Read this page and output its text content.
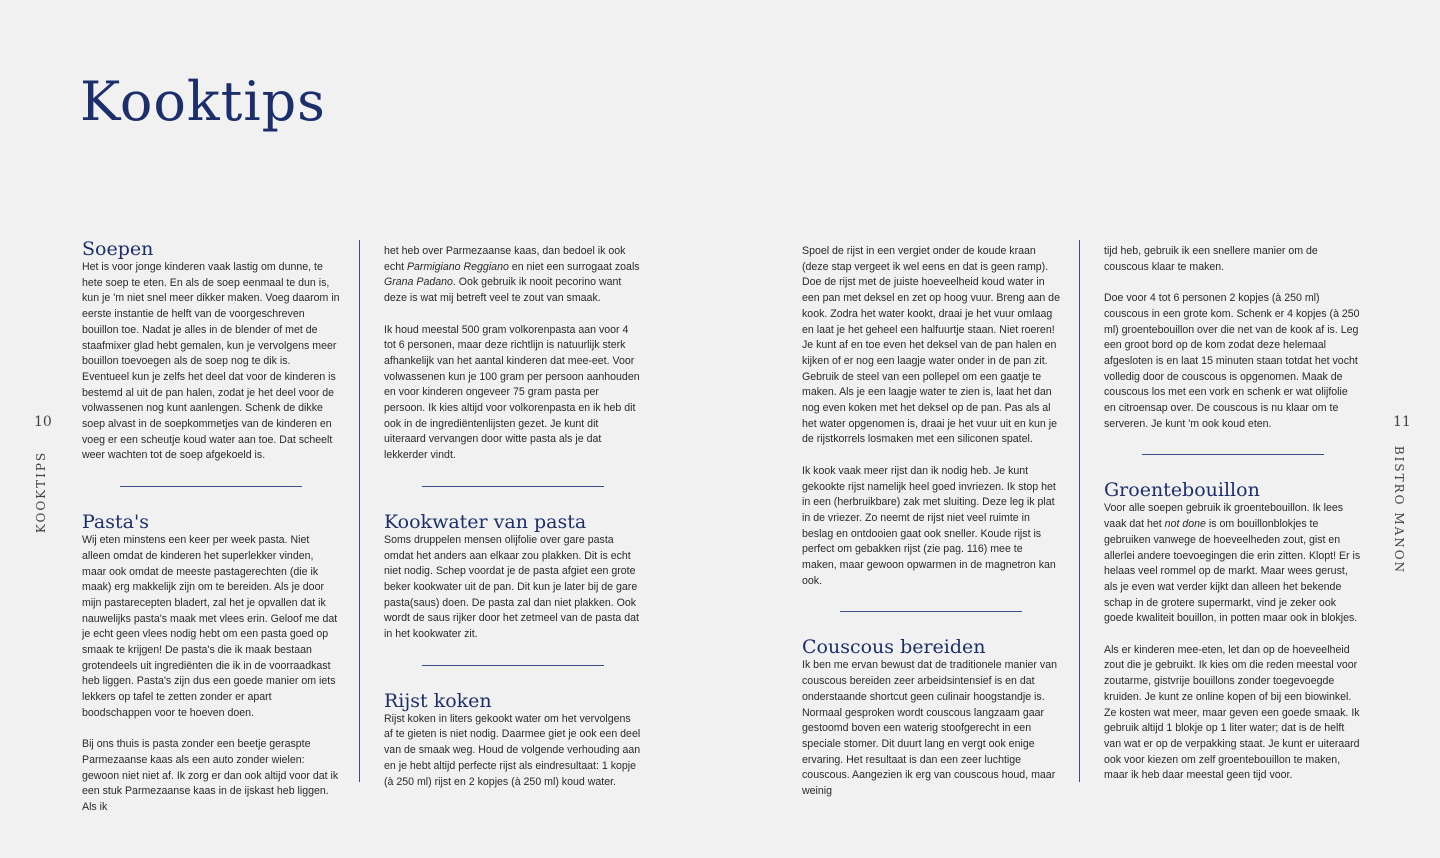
Kooktips
10
KOOKTIPS
11
BISTRO MANON
Soepen

Het is voor jonge kinderen vaak lastig om dunne, te hete soep te eten. En als de soep eenmaal te dun is, kun je 'm niet snel meer dikker maken. Voeg daarom in eerste instantie de helft van de voorgeschreven bouillon toe. Nadat je alles in de blender of met de staafmixer glad hebt gemalen, kun je vervolgens meer bouillon toevoegen als de soep nog te dik is. Eventueel kun je zelfs het deel dat voor de kinderen is bestemd al uit de pan halen, zodat je het deel voor de volwassenen nog kunt aanlengen. Schenk de dikke soep alvast in de soepkommetjes van de kinderen en voeg er een scheutje koud water aan toe. Dat scheelt weer wachten tot de soep afgekoeld is.

Pasta's

Wij eten minstens een keer per week pasta. Niet alleen omdat de kinderen het superlekker vinden, maar ook omdat de meeste pastagerechten (die ik maak) erg makkelijk zijn om te bereiden. Als je door mijn pastarecepten bladert, zal het je opvallen dat ik nauwelijks pasta's maak met vlees erin. Geloof me dat je echt geen vlees nodig hebt om een pasta goed op smaak te krijgen! De pasta's die ik maak bestaan grotendeels uit ingrediënten die ik in de voorraadkast heb liggen. Pasta's zijn dus een goede manier om iets lekkers op tafel te zetten zonder er apart boodschappen voor te hoeven doen.

Bij ons thuis is pasta zonder een beetje geraspte Parmezaanse kaas als een auto zonder wielen: gewoon niet niet af. Ik zorg er dan ook altijd voor dat ik een stuk Parmezaanse kaas in de ijskast heb liggen. Als ik

het heb over Parmezaanse kaas, dan bedoel ik ook echt Parmigiano Reggiano en niet een surrogaat zoals Grana Padano. Ook gebruik ik nooit pecorino want deze is wat mij betreft veel te zout van smaak.

Ik houd meestal 500 gram volkorenpasta aan voor 4 tot 6 personen, maar deze richtlijn is natuurlijk sterk afhankelijk van het aantal kinderen dat mee-eet. Voor volwassenen kun je 100 gram per persoon aanhouden en voor kinderen ongeveer 75 gram pasta per persoon. Ik kies altijd voor volkorenpasta en ik heb dit ook in de ingrediëntenlijsten gezet. Je kunt dit uiteraard vervangen door witte pasta als je dat lekkerder vindt.

Kookwater van pasta

Soms druppelen mensen olijfolie over gare pasta omdat het anders aan elkaar zou plakken. Dit is echt niet nodig. Schep voordat je de pasta afgiet een grote beker kookwater uit de pan. Dit kun je later bij de gare pasta(saus) doen. De pasta zal dan niet plakken. Ook wordt de saus rijker door het zetmeel van de pasta dat in het kookwater zit.

Rijst koken

Rijst koken in liters gekookt water om het vervolgens af te gieten is niet nodig. Daarmee giet je ook een deel van de smaak weg. Houd de volgende verhouding aan en je hebt altijd perfecte rijst als eindresultaat: 1 kopje (à 250 ml) rijst en 2 kopjes (à 250 ml) koud water.

Spoel de rijst in een vergiet onder de koude kraan (deze stap vergeet ik wel eens en dat is geen ramp). Doe de rijst met de juiste hoeveelheid koud water in een pan met deksel en zet op hoog vuur. Breng aan de kook. Zodra het water kookt, draai je het vuur omlaag en laat je het geheel een halfuurtje staan. Niet roeren! Je kunt af en toe even het deksel van de pan halen en kijken of er nog een laagje water onder in de pan zit. Gebruik de steel van een pollepel om een gaatje te maken. Als je een laagje water te zien is, laat het dan nog even koken met het deksel op de pan. Pas als al het water opgenomen is, draai je het vuur uit en kun je de rijstkorrels losmaken met een siliconen spatel.

Ik kook vaak meer rijst dan ik nodig heb. Je kunt gekookte rijst namelijk heel goed invriezen. Ik stop het in een (herbruikbare) zak met sluiting. Deze leg ik plat in de vriezer. Zo neemt de rijst niet veel ruimte in beslag en ontdooien gaat ook sneller. Koude rijst is perfect om gebakken rijst (zie pag. 116) mee te maken, maar gewoon opwarmen in de magnetron kan ook.

Couscous bereiden

Ik ben me ervan bewust dat de traditionele manier van couscous bereiden zeer arbeidsintensief is en dat onderstaande shortcut geen culinair hoogstandje is. Normaal gesproken wordt couscous langzaam gaar gestoomd boven een waterig stoofgerecht in een speciale stomer. Dit duurt lang en vergt ook enige ervaring. Het resultaat is dan een zeer luchtige couscous. Aangezien ik erg van couscous houd, maar weinig

tijd heb, gebruik ik een snellere manier om de couscous klaar te maken.

Doe voor 4 tot 6 personen 2 kopjes (à 250 ml) couscous in een grote kom. Schenk er 4 kopjes (à 250 ml) groentebouillon over die net van de kook af is. Leg een groot bord op de kom zodat deze helemaal afgesloten is en laat 15 minuten staan totdat het vocht volledig door de couscous is opgenomen. Maak de couscous los met een vork en schenk er wat olijfolie en citroensap over. De couscous is nu klaar om te serveren. Je kunt 'm ook koud eten.

Groentebouillon

Voor alle soepen gebruik ik groentebouillon. Ik lees vaak dat het not done is om bouillonblokjes te gebruiken vanwege de hoeveelheden zout, gist en allerlei andere toevoegingen die erin zitten. Klopt! Er is helaas veel rommel op de markt. Maar wees gerust, als je even wat verder kijkt dan alleen het bekende schap in de grotere supermarkt, vind je zeker ook goede kwaliteit bouillon, in potten maar ook in blokjes.

Als er kinderen mee-eten, let dan op de hoeveelheid zout die je gebruikt. Ik kies om die reden meestal voor zoutarme, gistvrije bouillons zonder toegevoegde kruiden. Je kunt ze online kopen of bij een biowinkel. Ze kosten wat meer, maar geven een goede smaak. Ik gebruik altijd 1 blokje op 1 liter water; dat is de helft van wat er op de verpakking staat. Je kunt er uiteraard ook voor kiezen om zelf groentebouillon te maken, maar ik heb daar meestal geen tijd voor.
